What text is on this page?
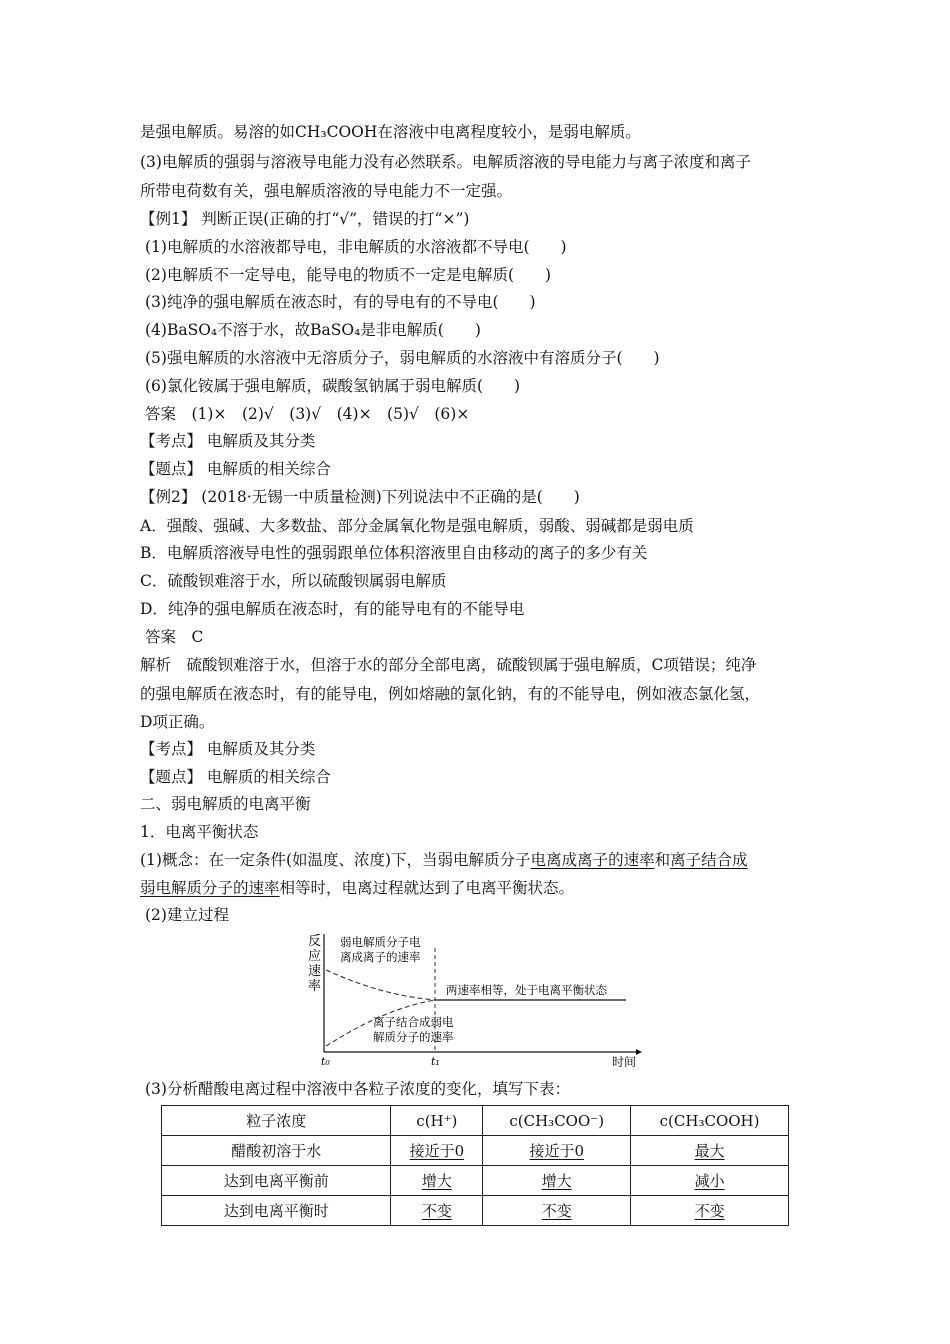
是强电解质。易溶的如CH₃COOH在溶液中电离程度较小，是弱电解质。
(3)电解质的强弱与溶液导电能力没有必然联系。电解质溶液的导电能力与离子浓度和离子
所带电荷数有关，强电解质溶液的导电能力不一定强。
【例1】 判断正误(正确的打“√”，错误的打“×”)
(1)电解质的水溶液都导电，非电解质的水溶液都不导电(　　)
(2)电解质不一定导电，能导电的物质不一定是电解质(　　)
(3)纯净的强电解质在液态时，有的导电有的不导电(　　)
(4)BaSO₄不溶于水，故BaSO₄是非电解质(　　)
(5)强电解质的水溶液中无溶质分子，弱电解质的水溶液中有溶质分子(　　)
(6)氯化铵属于强电解质，碳酸氢钠属于弱电解质(　　)
答案　(1)×　(2)√　(3)√　(4)×　(5)√　(6)×
【考点】 电解质及其分类
【题点】 电解质的相关综合
【例2】 (2018·无锡一中质量检测)下列说法中不正确的是(　　)
A．强酸、强碱、大多数盐、部分金属氧化物是强电解质，弱酸、弱碱都是弱电质
B．电解质溶液导电性的强弱跟单位体积溶液里自由移动的离子的多少有关
C．硫酸钡难溶于水，所以硫酸钡属弱电解质
D．纯净的强电解质在液态时，有的能导电有的不能导电
答案　C
解析　硫酸钡难溶于水，但溶于水的部分全部电离，硫酸钡属于强电解质，C项错误；纯净
的强电解质在液态时，有的能导电，例如熔融的氯化钠，有的不能导电，例如液态氯化氢，
D项正确。
【考点】 电解质及其分类
【题点】 电解质的相关综合
二、弱电解质的电离平衡
1．电离平衡状态
(1)概念：在一定条件(如温度、浓度)下，当弱电解质分子电离成离子的速率和离子结合成
弱电解质分子的速率相等时，电离过程就达到了电离平衡状态。
(2)建立过程
反
应
速
率
弱电解质分子电
离成离子的速率
两速率相等，处于电离平衡状态
离子结合成弱电
解质分子的速率
t₀	t₁	时间
(3)分析醋酸电离过程中溶液中各粒子浓度的变化，填写下表：
粒子浓度	c(H⁺)	c(CH₃COO⁻)	c(CH₃COOH)
醋酸初溶于水	接近于0	接近于0	最大
达到电离平衡前	增大	增大	减小
达到电离平衡时	不变	不变	不变
